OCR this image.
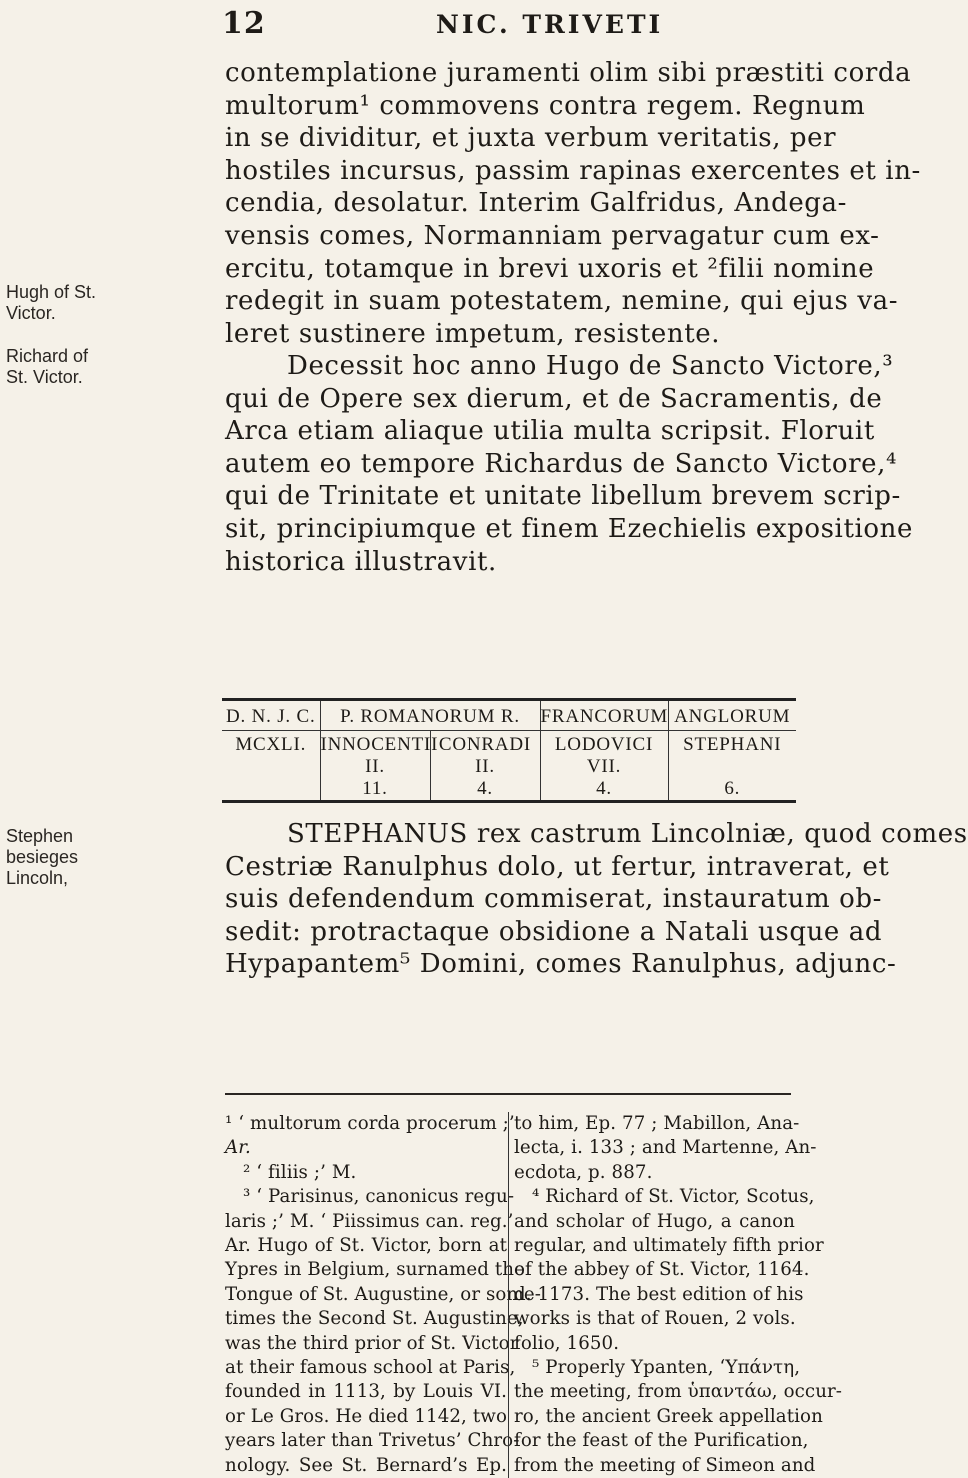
12	NIC. TRIVETI
Hugh of St. Victor.
Richard of St. Victor.
Stephen besieges Lincoln,

contemplatione juramenti olim sibi præstiti corda
multorum¹ commovens contra regem. Regnum
in se dividitur, et juxta verbum veritatis, per
hostiles incursus, passim rapinas exercentes et in-
cendia, desolatur. Interim Galfridus, Andega-
vensis comes, Normanniam pervagatur cum ex-
ercitu, totamque in brevi uxoris et ²filii nomine
redegit in suam potestatem, nemine, qui ejus va-
leret sustinere impetum, resistente.

Decessit hoc anno Hugo de Sancto Victore,³
qui de Opere sex dierum, et de Sacramentis, de
Arca etiam aliaque utilia multa scripsit. Floruit
autem eo tempore Richardus de Sancto Victore,⁴
qui de Trinitate et unitate libellum brevem scrip-
sit, principiumque et finem Ezechielis expositione
historica illustravit.

D. N. J. C.	P. ROMANORUM R.		FRANCORUM	ANGLORUM
MCXLI.	INNOCENTII II.	CONRADI II.	LODOVICI VII.	STEPHANI
	11.	4.	4.	6.

STEPHANUS rex castrum Lincolniæ, quod comes
Cestriæ Ranulphus dolo, ut fertur, intraverat, et
suis defendendum commiserat, instauratum ob-
sedit: protractaque obsidione a Natali usque ad
Hypapantem⁵ Domini, comes Ranulphus, adjunc-

¹ ‘ multorum corda procerum ;’
Ar.
² ‘ filiis ;’ M.
³ ‘ Parisinus, canonicus regu-
laris ;’ M. ‘ Piissimus can. reg.’
Ar. Hugo of St. Victor, born at
Ypres in Belgium, surnamed the
Tongue of St. Augustine, or some-
times the Second St. Augustine,
was the third prior of St. Victor
at their famous school at Paris,
founded in 1113, by Louis VI.
or Le Gros. He died 1142, two
years later than Trivetus’ Chro-
nology. See St. Bernard’s Ep.

to him, Ep. 77 ; Mabillon, Ana-
lecta, i. 133 ; and Martenne, An-
ecdota, p. 887.
⁴ Richard of St. Victor, Scotus,
and scholar of Hugo, a canon
regular, and ultimately fifth prior
of the abbey of St. Victor, 1164.
d. 1173. The best edition of his
works is that of Rouen, 2 vols.
folio, 1650.
⁵ Properly Ypanten, ‘Υπάντη,
the meeting, from ὑπαντάω, occur-
ro, the ancient Greek appellation
for the feast of the Purification,
from the meeting of Simeon and
